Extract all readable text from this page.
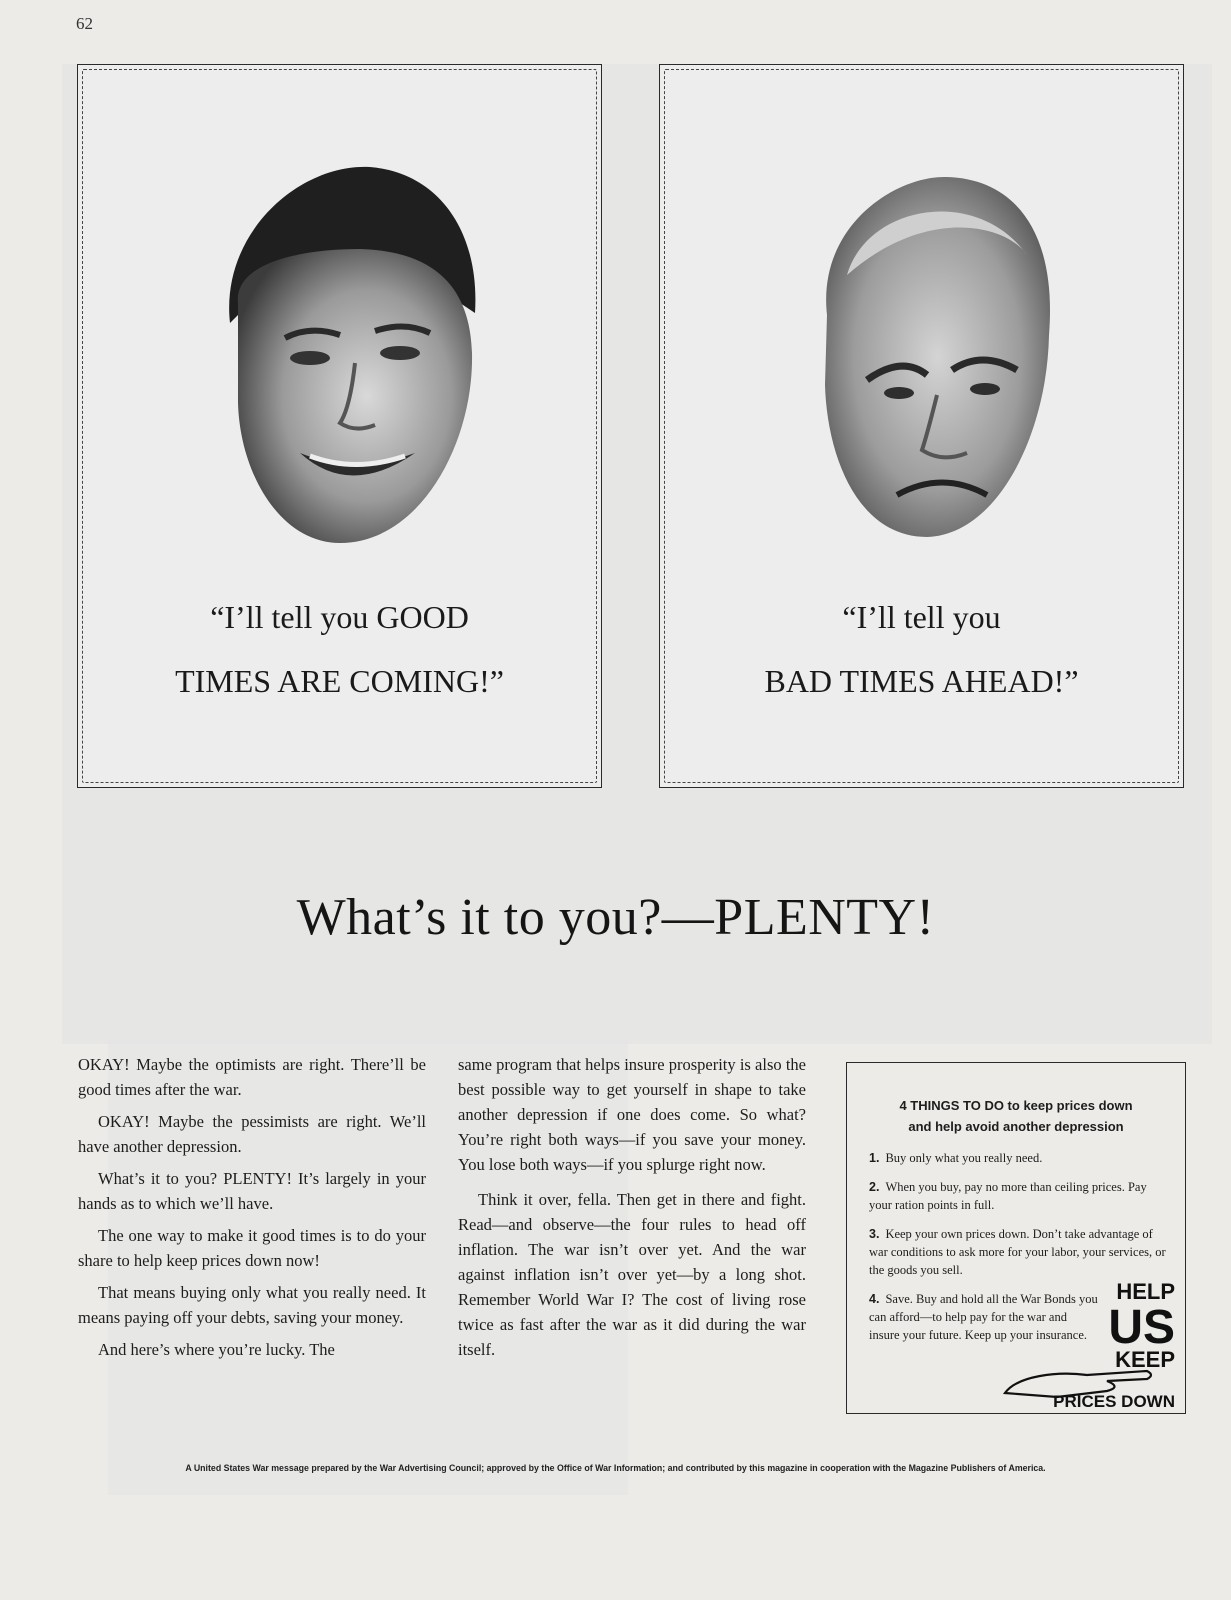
62
“I’ll tell you GOOD
TIMES ARE COMING!”
“I’ll tell you
BAD TIMES AHEAD!”
What’s it to you?—PLENTY!

OKAY! Maybe the optimists are right. There’ll be good times after the war.

OKAY! Maybe the pessimists are right. We’ll have another depression.

What’s it to you? PLENTY! It’s largely in your hands as to which we’ll have.

The one way to make it good times is to do your share to help keep prices down now!

That means buying only what you really need. It means paying off your debts, saving your money.

And here’s where you’re lucky. The

same program that helps insure prosperity is also the best possible way to get yourself in shape to take another depression if one does come. So what? You’re right both ways—if you save your money. You lose both ways—if you splurge right now.

Think it over, fella. Then get in there and fight. Read—and observe—the four rules to head off inflation. The war isn’t over yet. And the war against inflation isn’t over yet—by a long shot. Remember World War I? The cost of living rose twice as fast after the war as it did during the war itself.

4 THINGS TO DO to keep prices down
and help avoid another depression
1. Buy only what you really need.
2. When you buy, pay no more than ceiling prices. Pay your ration points in full.
3. Keep your own prices down. Don’t take advantage of war conditions to ask more for your labor, your services, or the goods you sell.
4. Save. Buy and hold all the War Bonds you can afford—to help pay for the war and insure your future. Keep up your insurance.
HELP
US
KEEP
PRICES DOWN
A United States War message prepared by the War Advertising Council; approved by the Office of War Information; and contributed by this magazine in cooperation with the Magazine Publishers of America.
